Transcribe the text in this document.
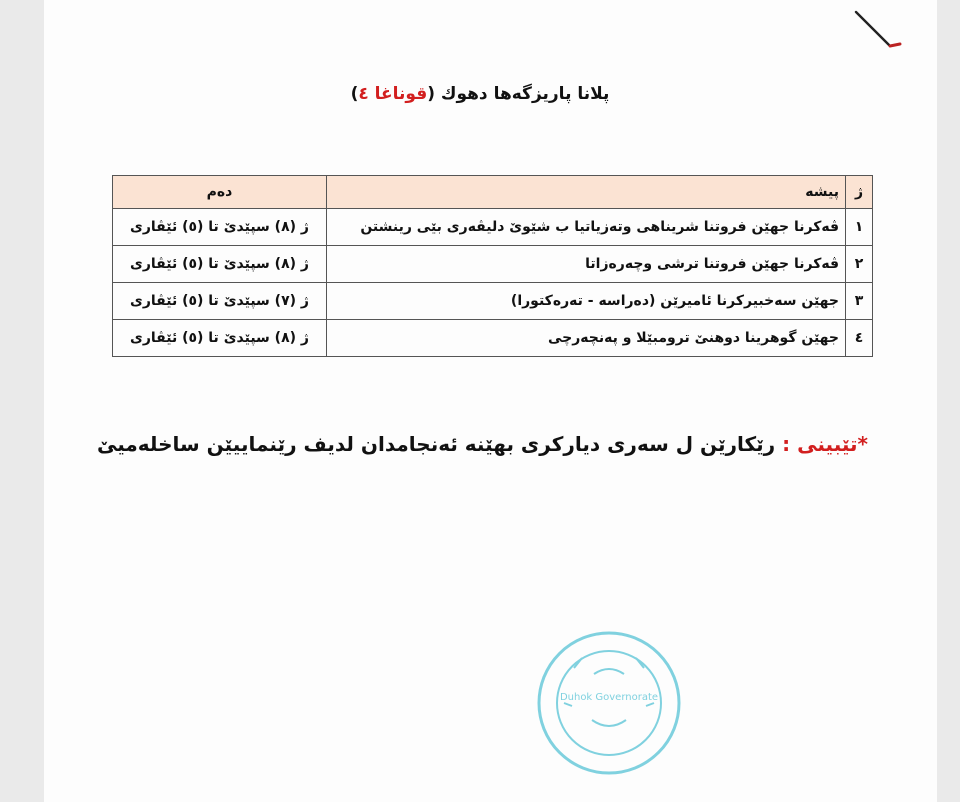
پلانا پاریزگەها دهوك (قوناغا ٤)
ژ	پیشه	دەم
١	ڤەكرنا جهێن فروتنا شریناهی وتەزیاتیا ب شێوێ دلیڤەری بێی رینشتن	ژ (٨) سپێدێ تا (٥) ئێڤاری
٢	ڤەكرنا جهێن فروتنا ترشی وچەرەزاتا	ژ (٨) سپێدێ تا (٥) ئێڤاری
٣	جهێن سەخبیركرنا ئامیرێن (دەراسە - تەرەكتورا)	ژ (٧) سپێدێ تا (٥) ئێڤاری
٤	جهێن گوهرینا دوهنێ ترومبێلا و پەنچەرچی	ژ (٨) سپێدێ تا (٥) ئێڤاری
*تێبینی : رێكارێن ل سەری دیاركری بهێنە ئەنجامدان لدیف رێنماییێن ساخلەمیێ
Duhok Governorate
